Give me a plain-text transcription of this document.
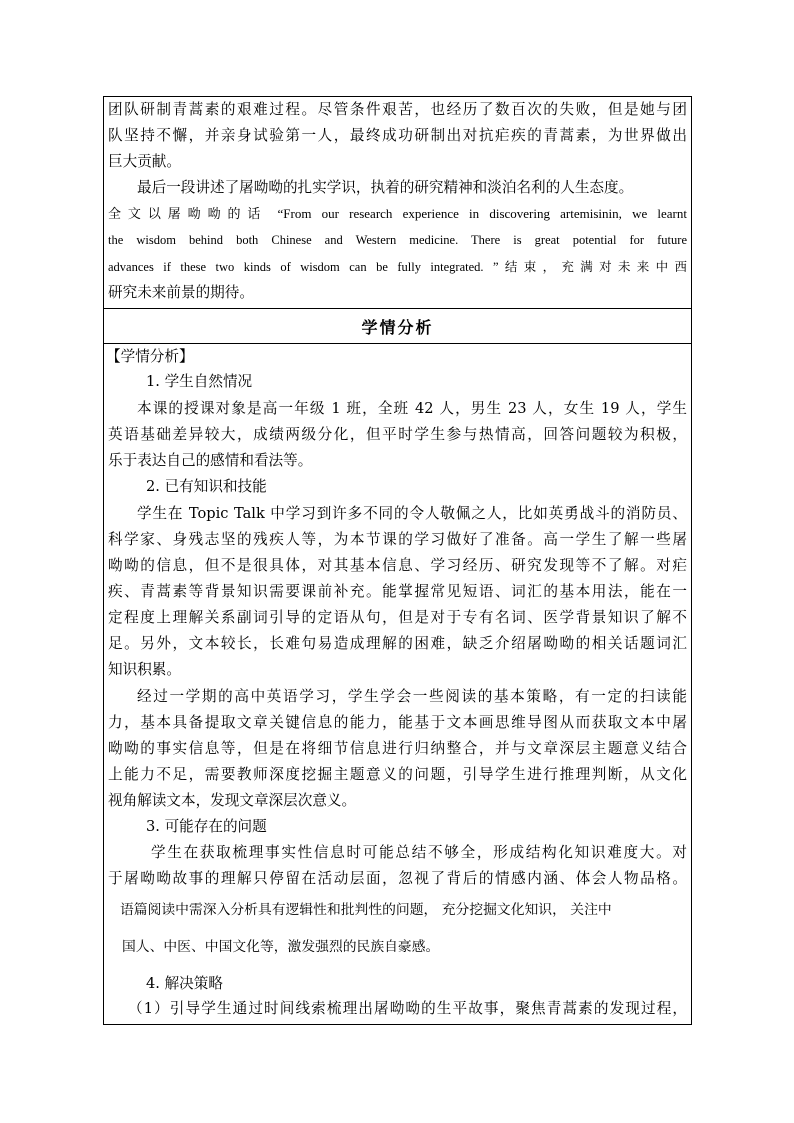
团队研制青蒿素的艰难过程。尽管条件艰苦，也经历了数百次的失败，但是她与团
队坚持不懈，并亲身试验第一人，最终成功研制出对抗疟疾的青蒿素，为世界做出
巨大贡献。
最后一段讲述了屠呦呦的扎实学识，执着的研究精神和淡泊名利的人生态度。
全文以屠呦呦的话 “From our research experience in discovering artemisinin, we learnt
the wisdom behind both Chinese and Western medicine. There is great potential for future
advances if these two kinds of wisdom can be fully integrated. ”结束，充满对未来中西
研究未来前景的期待。
学情分析
【学情分析】
1. 学生自然情况
本课的授课对象是高一年级 1 班，全班 42 人，男生 23 人，女生 19 人，学生
英语基础差异较大，成绩两级分化，但平时学生参与热情高，回答问题较为积极，
乐于表达自己的感情和看法等。
2. 已有知识和技能
学生在 Topic Talk 中学习到许多不同的令人敬佩之人，比如英勇战斗的消防员、
科学家、身残志坚的残疾人等，为本节课的学习做好了准备。高一学生了解一些屠
呦呦的信息，但不是很具体，对其基本信息、学习经历、研究发现等不了解。对疟
疾、青蒿素等背景知识需要课前补充。能掌握常见短语、词汇的基本用法，能在一
定程度上理解关系副词引导的定语从句，但是对于专有名词、医学背景知识了解不
足。另外，文本较长，长难句易造成理解的困难，缺乏介绍屠呦呦的相关话题词汇
知识积累。
经过一学期的高中英语学习，学生学会一些阅读的基本策略，有一定的扫读能
力，基本具备提取文章关键信息的能力，能基于文本画思维导图从而获取文本中屠
呦呦的事实信息等，但是在将细节信息进行归纳整合，并与文章深层主题意义结合
上能力不足，需要教师深度挖掘主题意义的问题，引导学生进行推理判断，从文化
视角解读文本，发现文章深层次意义。
3. 可能存在的问题
学生在获取梳理事实性信息时可能总结不够全，形成结构化知识难度大。对
于屠呦呦故事的理解只停留在活动层面，忽视了背后的情感内涵、体会人物品格。
语篇阅读中需深入分析具有逻辑性和批判性的问题， 充分挖掘文化知识， 关注中
国人、中医、中国文化等，激发强烈的民族自豪感。
4. 解决策略
（1）引导学生通过时间线索梳理出屠呦呦的生平故事，聚焦青蒿素的发现过程，
